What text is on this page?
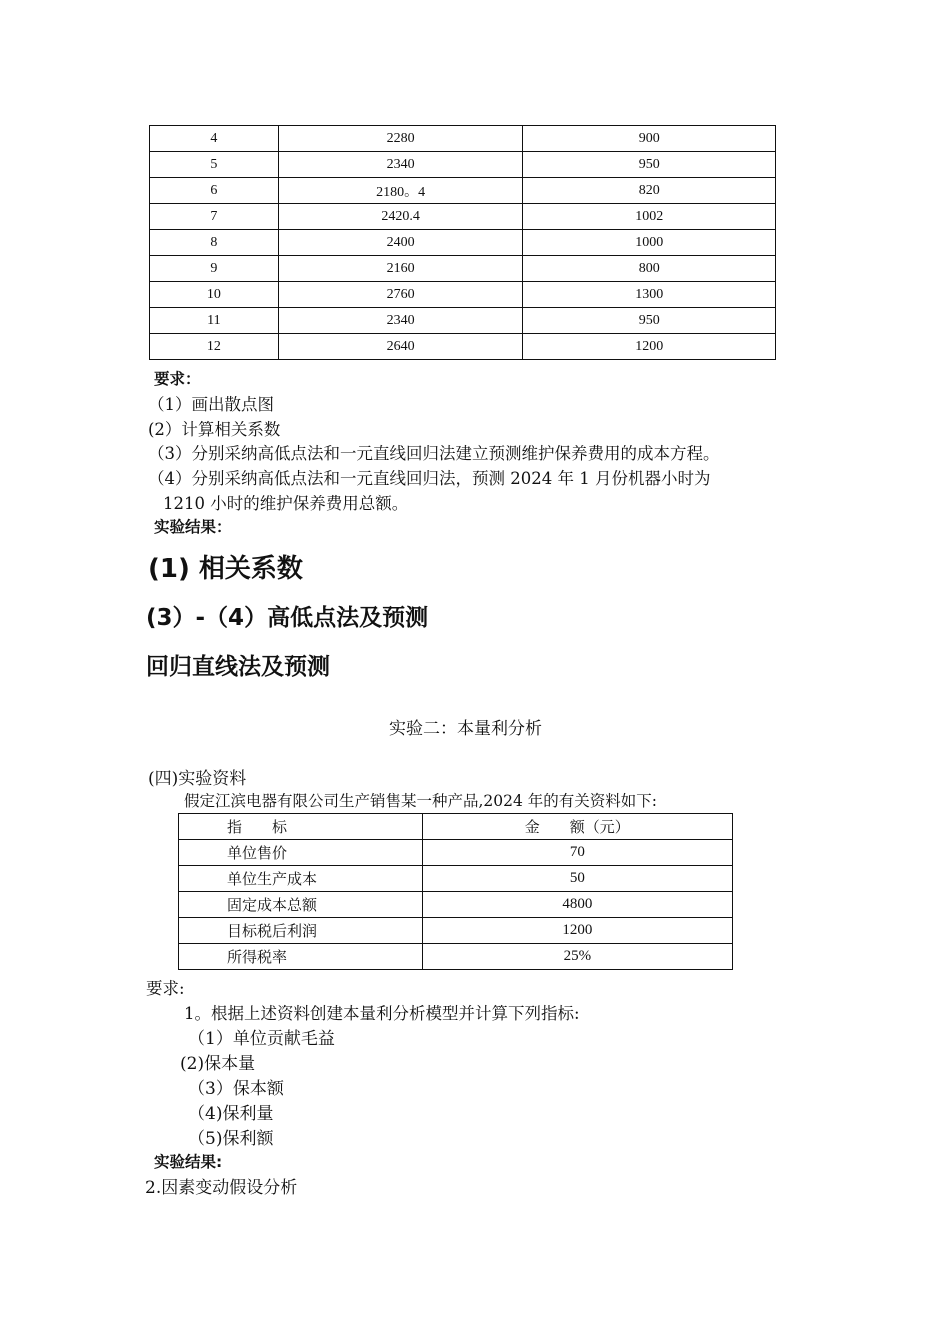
4	2280	900
5	2340	950
6	2180。4	820
7	2420.4	1002
8	2400	1000
9	2160	800
10	2760	1300
11	2340	950
12	2640	1200
要求：
（1）画出散点图
(2）计算相关系数
（3）分别采纳高低点法和一元直线回归法建立预测维护保养费用的成本方程。
（4）分别采纳高低点法和一元直线回归法，预测 2024 年 1 月份机器小时为
1210 小时的维护保养费用总额。
实验结果：
(1) 相关系数
(3）-（4）高低点法及预测
回归直线法及预测
实验二：本量利分析
(四)实验资料
假定江滨电器有限公司生产销售某一种产品,2024 年的有关资料如下:
指　　标	金　　额（元）
单位售价	70
单位生产成本	50
固定成本总额	4800
目标税后利润	1200
所得税率	25%
要求:
1。根据上述资料创建本量利分析模型并计算下列指标:
（1）单位贡献毛益
(2)保本量
（3）保本额
（4)保利量
（5)保利额
实验结果:
2.因素变动假设分析
